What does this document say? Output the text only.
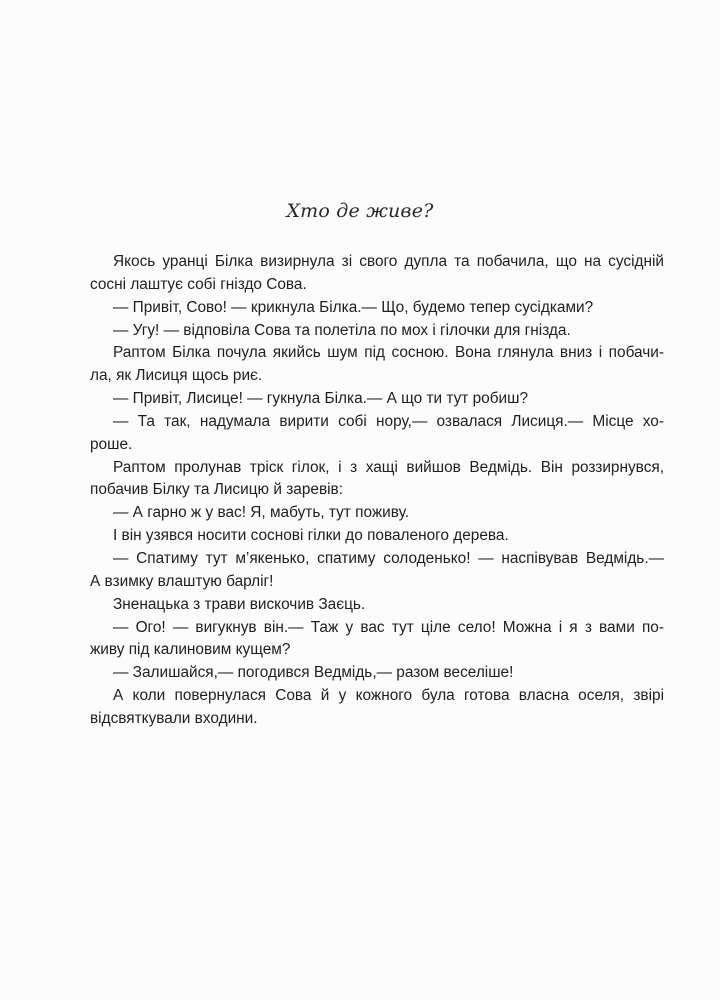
Хто де живе?
Якось уранці Білка визирнула зі свого дупла та побачила, що на сусідній
сосні лаштує собі гніздо Сова.
— Привіт, Сово! — крикнула Білка.— Що, будемо тепер сусідками?
— Угу! — відповіла Сова та полетіла по мох і гілочки для гнізда.
Раптом Білка почула якийсь шум під сосною. Вона глянула вниз і побачи-
ла, як Лисиця щось риє.
— Привіт, Лисице! — гукнула Білка.— А що ти тут робиш?
— Та так, надумала вирити собі нору,— озвалася Лисиця.— Місце хо-
роше.
Раптом пролунав тріск гілок, і з хащі вийшов Ведмідь. Він роззирнувся,
побачив Білку та Лисицю й заревів:
— А гарно ж у вас! Я, мабуть, тут поживу.
І він узявся носити соснові гілки до поваленого дерева.
— Спатиму тут м’якенько, спатиму солоденько! — наспівував Ведмідь.—
А взимку влаштую барліг!
Зненацька з трави вискочив Заєць.
— Ого! — вигукнув він.— Таж у вас тут ціле село! Можна і я з вами по-
живу під калиновим кущем?
— Залишайся,— погодився Ведмідь,— разом веселіше!
А коли повернулася Сова й у кожного була готова власна оселя, звірі
відсвяткували входини.
